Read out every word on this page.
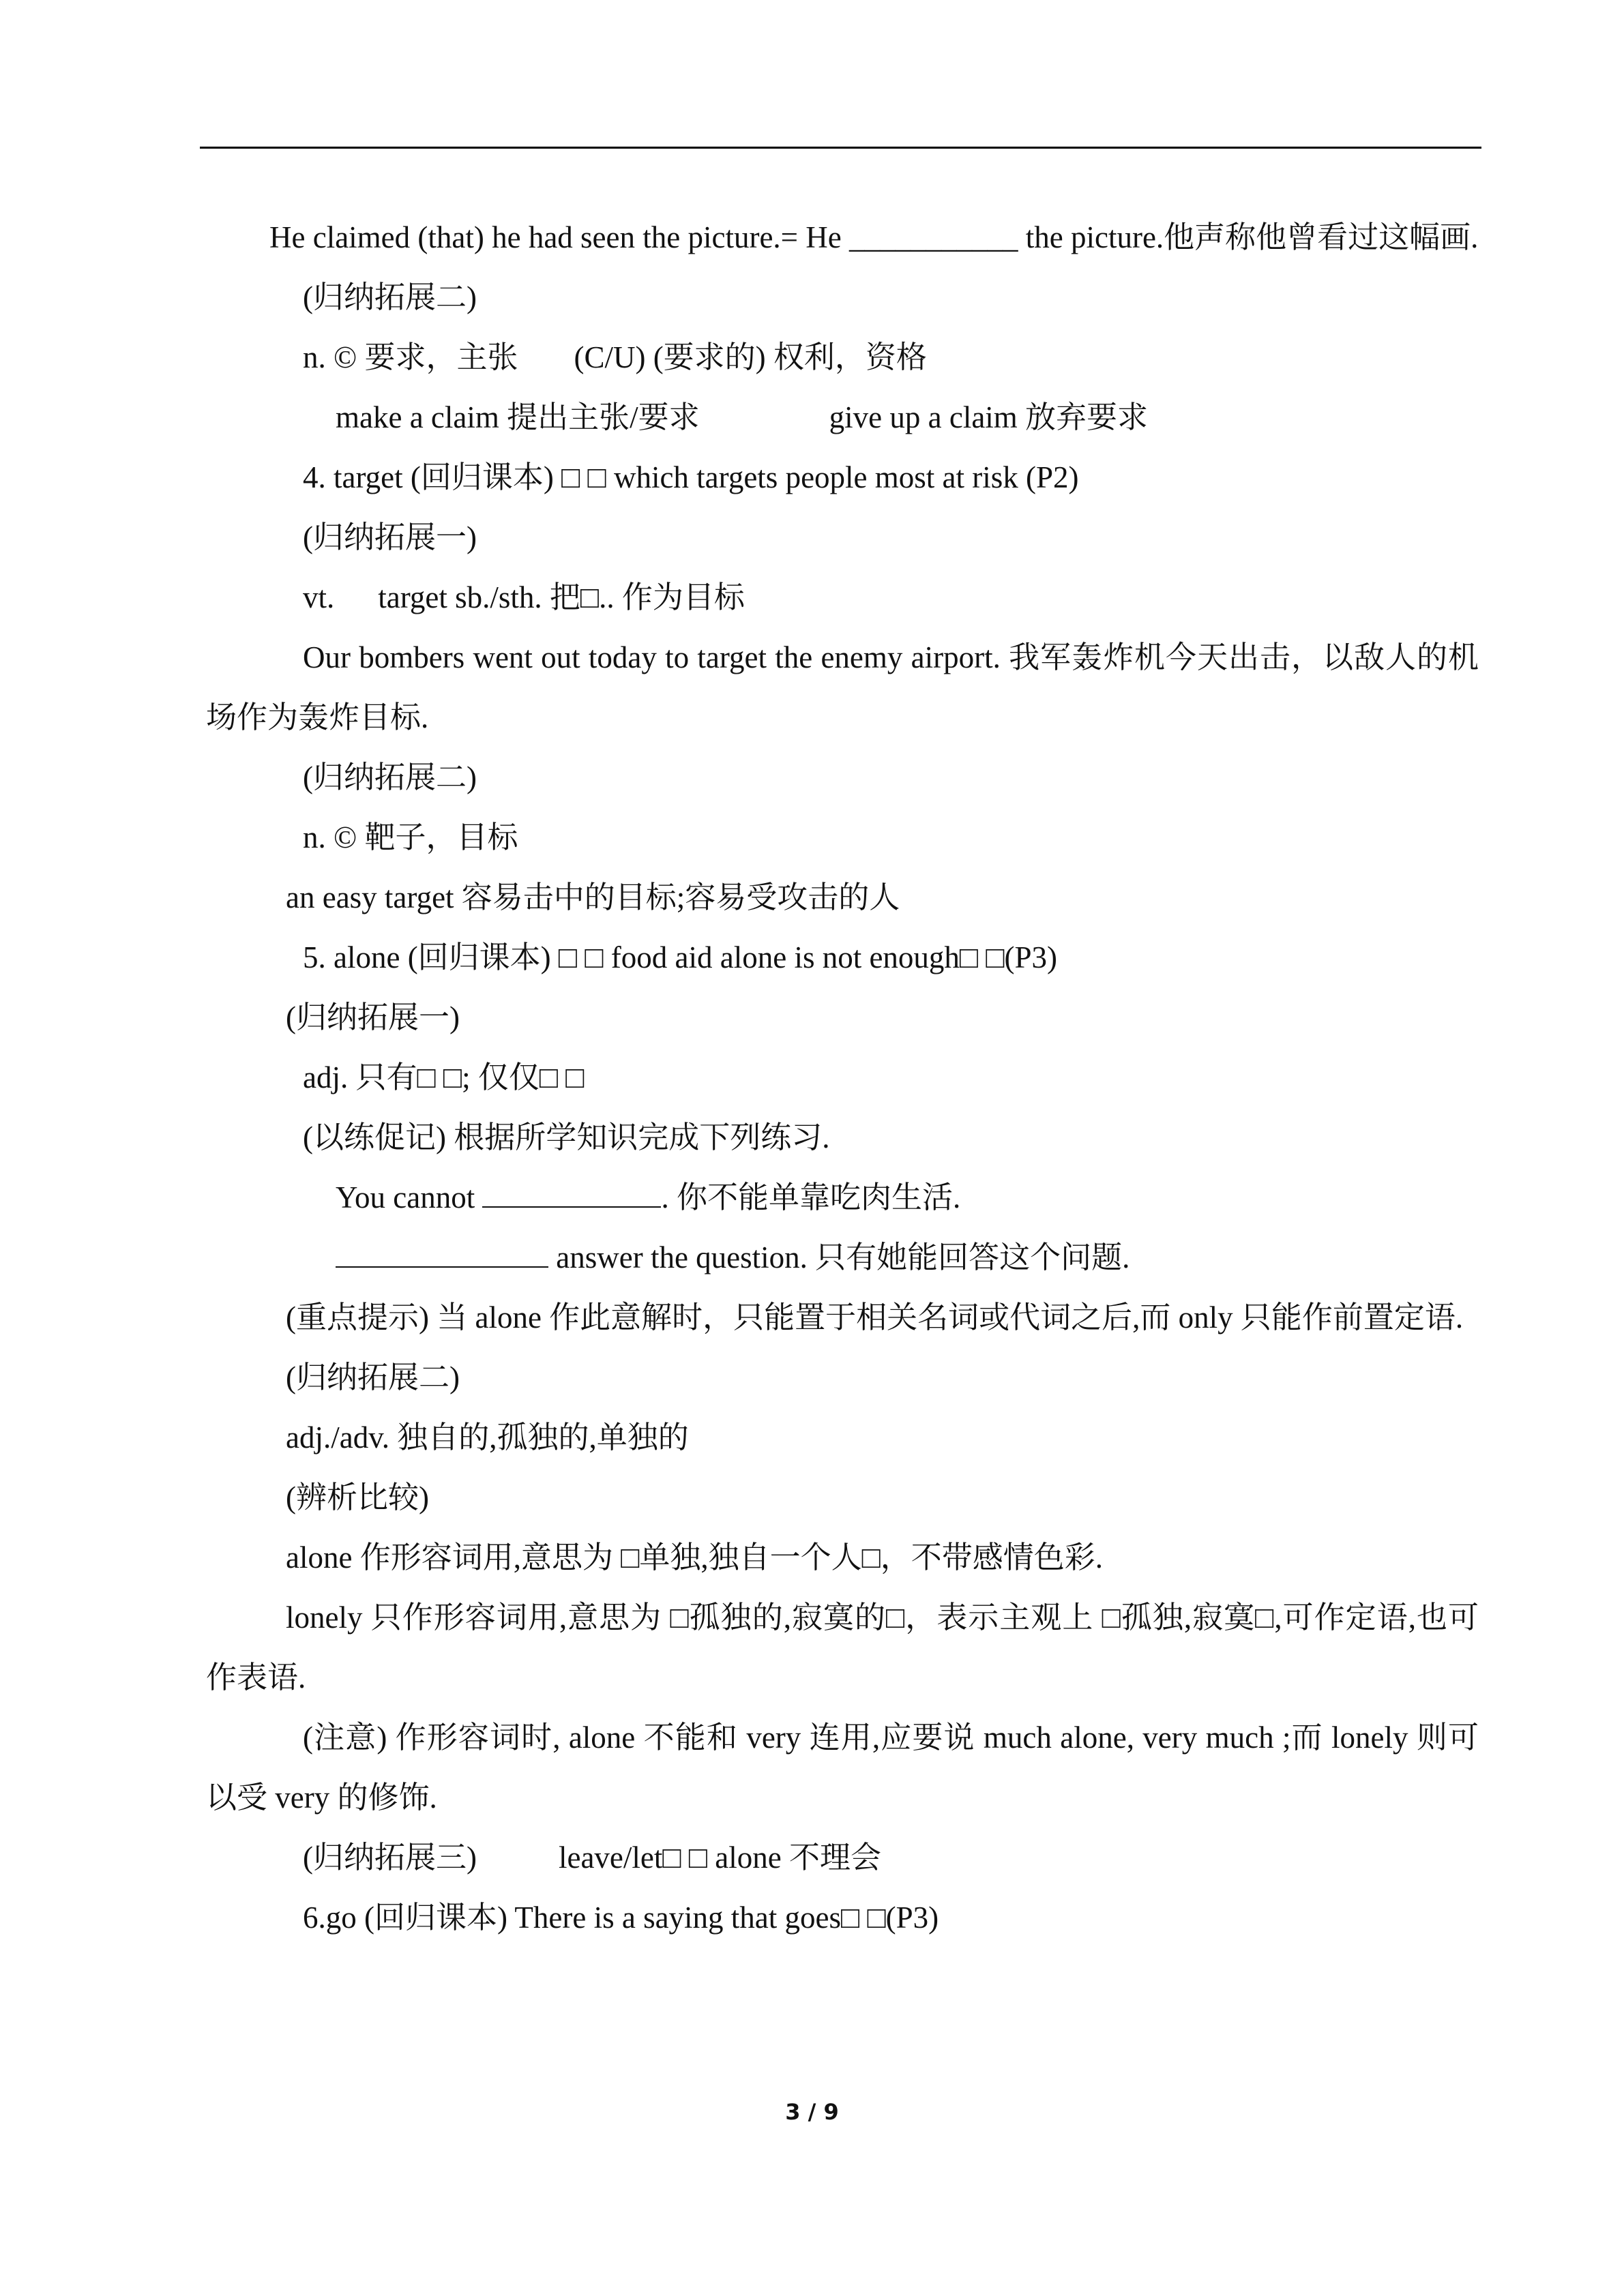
He claimed (that) he had seen the picture.= He ___________ the picture.他声称他曾看过这幅画.
(归纳拓展二)
n. © 要求，主张 (C/U) (要求的) 权利，资格
make a claim 提出主张/要求	give up a claim 放弃要求
4. target (回归课本) □ □ which targets people most at risk (P2)
(归纳拓展一)
vt. target sb./sth. 把□.. 作为目标
Our bombers went out today to target the enemy airport. 我军轰炸机今天出击，以敌人的机场作为轰炸目标.
(归纳拓展二)
n. © 靶子，目标
an easy target 容易击中的目标;容易受攻击的人
5. alone (回归课本) □ □ food aid alone is not enough□ □(P3)
(归纳拓展一)
adj. 只有□ □; 仅仅□ □
(以练促记) 根据所学知识完成下列练习.
You cannot	. 你不能单靠吃肉生活.
answer the question. 只有她能回答这个问题.
(重点提示) 当 alone 作此意解时，只能置于相关名词或代词之后,而 only 只能作前置定语.
(归纳拓展二)
adj./adv. 独自的,孤独的,单独的
(辨析比较)
alone 作形容词用,意思为 □单独,独自一个人□，不带感情色彩.
lonely 只作形容词用,意思为 □孤独的,寂寞的□，表示主观上 □孤独,寂寞□,可作定语,也可作表语.
(注意) 作形容词时, alone 不能和 very 连用,应要说 much alone, very much ;而 lonely 则可以受 very 的修饰.
(归纳拓展三)	leave/let□ □ alone 不理会
6.go (回归课本) There is a saying that goes□ □(P3)
3 / 9
